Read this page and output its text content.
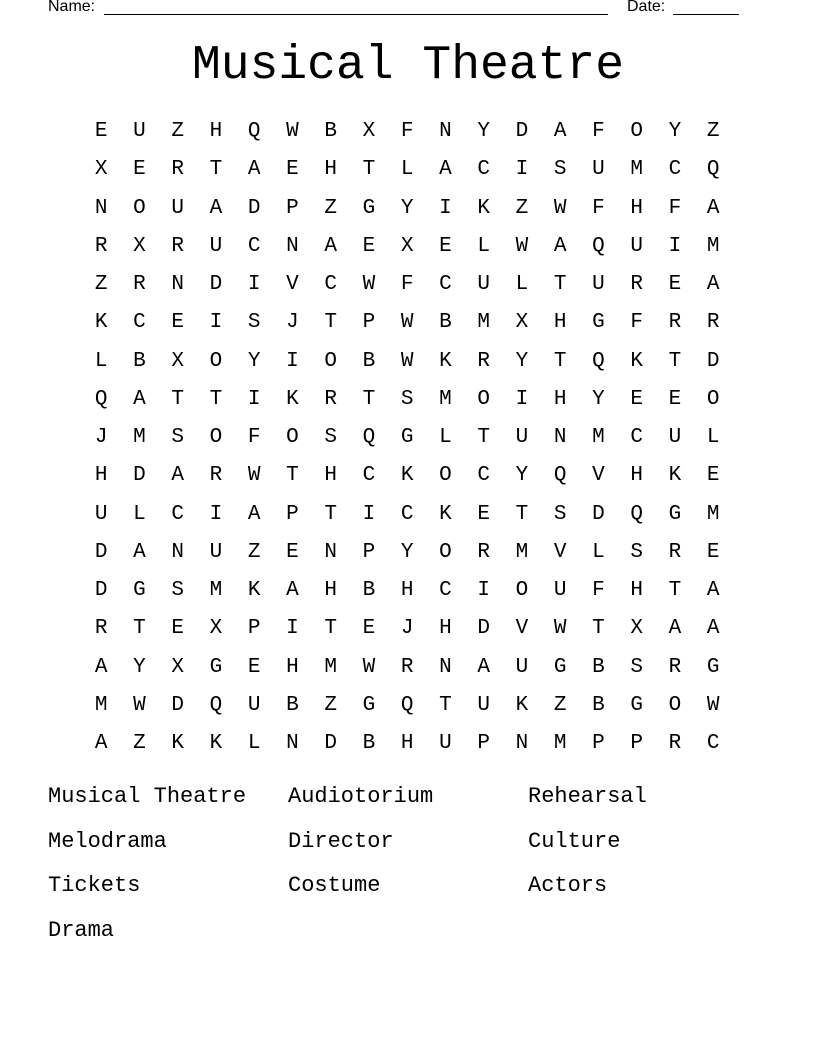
Name:	Date:
Musical Theatre
E	U	Z	H	Q	W	B	X	F	N	Y	D	A	F	O	Y	Z
X	E	R	T	A	E	H	T	L	A	C	I	S	U	M	C	Q
N	O	U	A	D	P	Z	G	Y	I	K	Z	W	F	H	F	A
R	X	R	U	C	N	A	E	X	E	L	W	A	Q	U	I	M
Z	R	N	D	I	V	C	W	F	C	U	L	T	U	R	E	A
K	C	E	I	S	J	T	P	W	B	M	X	H	G	F	R	R
L	B	X	O	Y	I	O	B	W	K	R	Y	T	Q	K	T	D
Q	A	T	T	I	K	R	T	S	M	O	I	H	Y	E	E	O
J	M	S	O	F	O	S	Q	G	L	T	U	N	M	C	U	L
H	D	A	R	W	T	H	C	K	O	C	Y	Q	V	H	K	E
U	L	C	I	A	P	T	I	C	K	E	T	S	D	Q	G	M
D	A	N	U	Z	E	N	P	Y	O	R	M	V	L	S	R	E
D	G	S	M	K	A	H	B	H	C	I	O	U	F	H	T	A
R	T	E	X	P	I	T	E	J	H	D	V	W	T	X	A	A
A	Y	X	G	E	H	M	W	R	N	A	U	G	B	S	R	G
M	W	D	Q	U	B	Z	G	Q	T	U	K	Z	B	G	O	W
A	Z	K	K	L	N	D	B	H	U	P	N	M	P	P	R	C
Musical Theatre	Audiotorium	Rehearsal
Melodrama	Director	Culture
Tickets	Costume	Actors
Drama
